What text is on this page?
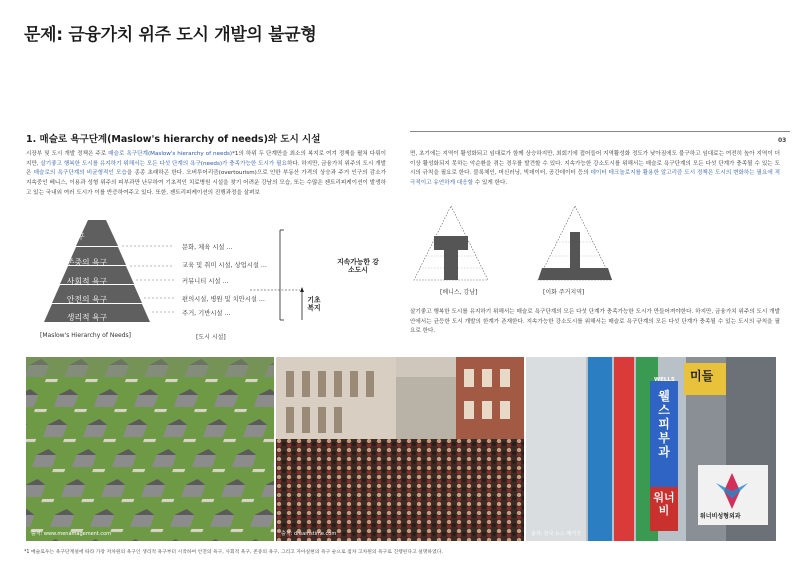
문제: 금융가치 위주 도시 개발의 불균형
03
1. 매슬로 욕구단계(Maslow's hierarchy of needs)와 도시 시설
시장부 및 도시 개발 정책은 주로 매슬로 욕구단계(Maslow's hierarchy of needs)*1의 하위 두 단계만을 최소의 복지로 여겨 정책을 펼쳐 다뤄이지만, 살기좋고 행복한 도시를 유지하기 위해서는 모든 다섯 단계의 욕구(needs)가 충족가능한 도시가 필요하다. 하지만, 금융가치 위주의 도시 개발은 매슬로의 욕구단계의 비균형적인 모습을 종종 초래하곤 한다. 오버투어리즘(overtourism)으로 인한 부동산 가격의 상승과 주거 인구의 감소가 지속중인 베니스, 이용과 성형 위주의 피부과만 난무하여 기초적인 치료병원 시설을 찾기 어려운 강남의 모습, 또는 수많은 젠트리피케이션이 발생하고 있는 국내외 여러 도시가 이를 반증하여주고 있다. 또한, 젠트리피케이션의 진행과정을 살펴보
면, 초기에는 지역이 활성화되고 임대료가 함께 상승하지만, 최회기에 접어들어 지역활성화 정도가 낮아짐에도 불구하고 임대료는 여전히 높아 지역이 더이상 활성화되지 못하는 악순환을 겪는 경우를 발견할 수 있다. 지속가능한 강소도시를 위해서는 매슬로 욕구단계의 모든 다섯 단계가 충족될 수 있는 도시의 규칙을 필요로 한다. 블록체인, 머신러닝, 빅데이터, 공간데이터 등의 데이터 테크놀로지를 활용한 알고리즘 도시 정책은 도시의 변화하는 필요에 적극적이고 유연하게 대응할 수 있게 한다.
자아 실현욕구
존중의 욕구
사회적 욕구
안전의 욕구
생리적 욕구
문화, 체육 시설 ...
교육 및 취미 시설, 상업시설 ...
커뮤니티 시설 ...
편의시설, 병원 및 치안시설 ...
주거, 기반시설 ...
지속가능한 강소도시
기초 복지
[Maslow's Hierarchy of Needs]	[도시 시설]
[베니스, 강남]	[이화 주거지역]
살기좋고 행복한 도시를 유지하기 위해서는 매슬로 욕구단계의 모든 다섯 단계가 충족가능한 도시가 만들어져야한다. 하지만, 금융가치 위주의 도시 개발 안에서는 균등한 도시 개발의 한계가 존재한다. 지속가능한 강소도시를 위해서는 매슬로 욕구단계의 모든 다섯 단계가 충족될 수 있는 도시의 규칙을 필요로 한다.
출처: www.menamagement.com	출처: dreamstime.com
미들
WELLS
웰스피부과
워너비	워너비성형외과
출처: 한국 뉴스 매거진
*1 매슬로우는 욕구단계설에 따라 가장 저차원의 욕구인 생리적 욕구부터 시작하여 안전의 욕구, 사회적 욕구, 존중의 욕구, 그리고 자아실현의 욕구 순으로 점차 고차원의 욕구로 진행된다고 설명하였다.
